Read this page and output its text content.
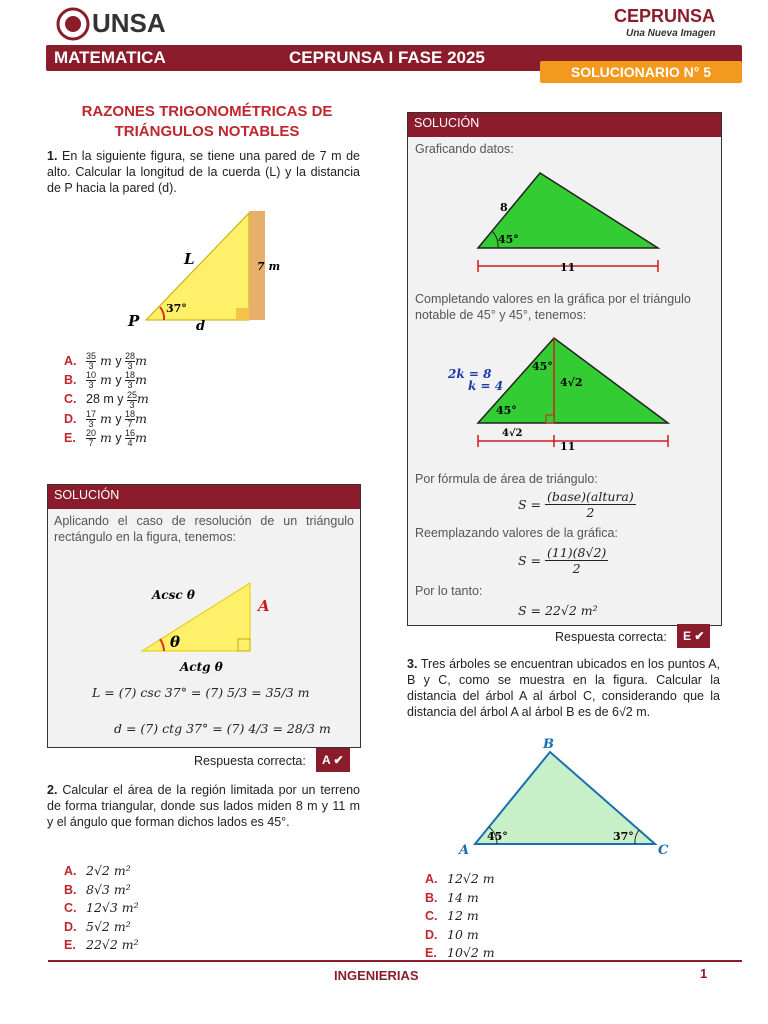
UNSA	CEPRUNSA
Una Nueva Imagen
MATEMATICA	CEPRUNSA I FASE 2025
SOLUCIONARIO N° 5
RAZONES TRIGONOMÉTRICAS DE TRIÁNGULOS NOTABLES
1. En la siguiente figura, se tiene una pared de 7 m de alto. Calcular la longitud de la cuerda (L) y la distancia de P hacia la pared (d).
L	7 m
P
37°
d
A. $\frac{35}{3}$ m y $\frac{28}{3}$ m
B. $\frac{10}{3}$ m y $\frac{18}{3}$ m
C. 28 m y $\frac{25}{3}$ m
D. $\frac{17}{3}$ m y $\frac{18}{7}$ m
E. $\frac{20}{7}$ m y $\frac{16}{4}$ m
SOLUCIÓN
Aplicando el caso de resolución de un triángulo rectángulo en la figura, tenemos:
Acsc θ
A
θ
Actg θ
L = (7) csc 37° = (7) 5/3 = 35/3 m
d = (7) ctg 37° = (7) 4/3 = 28/3 m
Respuesta correcta:	A ✔
2. Calcular el área de la región limitada por un terreno de forma triangular, donde sus lados miden 8 m y 11 m y el ángulo que forman dichos lados es 45°.
A. 2√2 m²
B. 8√3 m²
C. 12√3 m²
D. 5√2 m²
E. 22√2 m²
SOLUCIÓN
Graficando datos:
8
45°
11
Completando valores en la gráfica por el triángulo notable de 45° y 45°, tenemos:
2k = 8
k = 4
45°
4√2
45°
4√2
11
Por fórmula de área de triángulo:
S =
(base)(altura)
2
Reemplazando valores de la gráfica:
$S = \frac{(11)(8√2)}{2}$
Por lo tanto:
S = 22√2 m²
Respuesta correcta:	E ✔
3. Tres árboles se encuentran ubicados en los puntos A, B y C, como se muestra en la figura. Calcular la distancia del árbol A al árbol C, considerando que la distancia del árbol A al árbol B es de 6√2 m.
B
A	C
45°	37°
A. 12√2 m
B. 14 m
C. 12 m
D. 10 m
E. 10√2 m
INGENIERIAS	1
